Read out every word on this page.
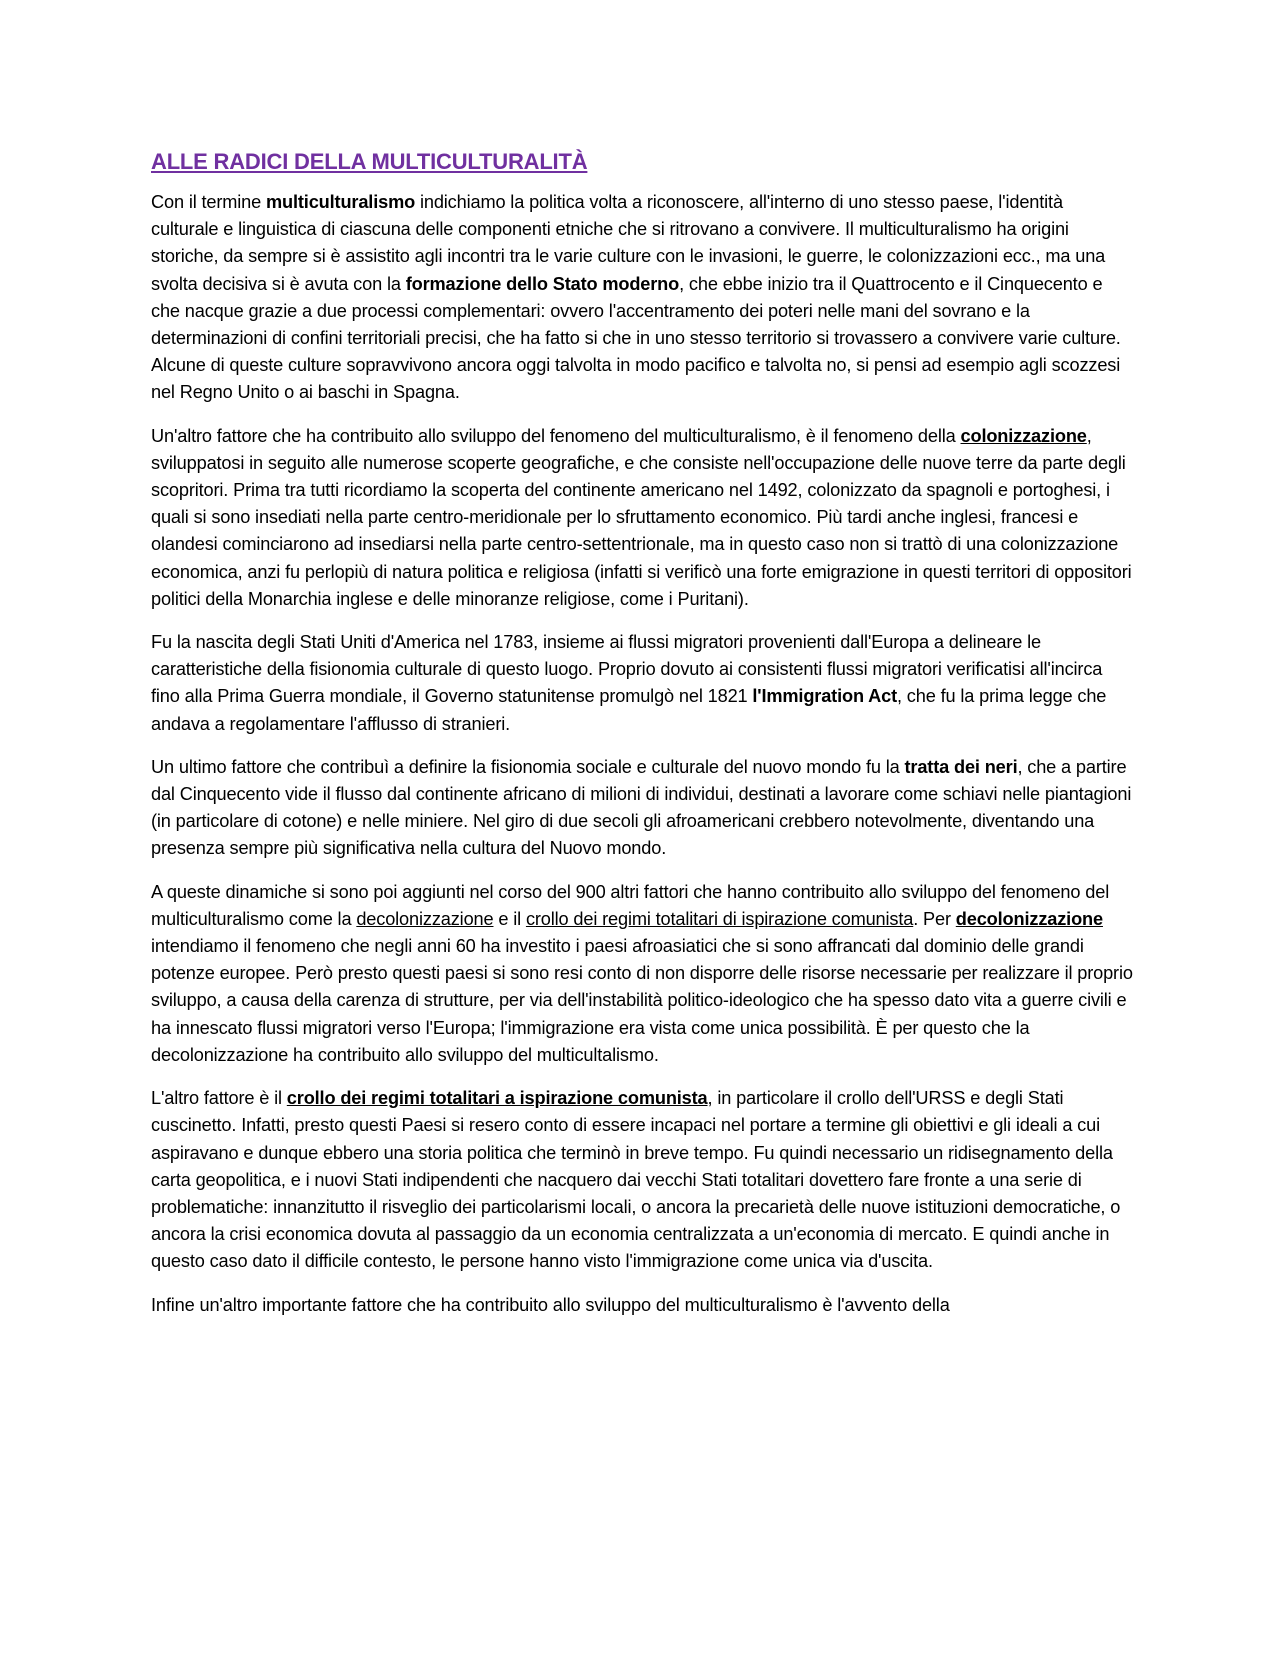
ALLE RADICI DELLA MULTICULTURALITÀ

Con il termine multiculturalismo indichiamo la politica volta a riconoscere, all'interno di uno stesso paese, l'identità culturale e linguistica di ciascuna delle componenti etniche che si ritrovano a convivere. Il multiculturalismo ha origini storiche, da sempre si è assistito agli incontri tra le varie culture con le invasioni, le guerre, le colonizzazioni ecc., ma una svolta decisiva si è avuta con la formazione dello Stato moderno, che ebbe inizio tra il Quattrocento e il Cinquecento e che nacque grazie a due processi complementari: ovvero l'accentramento dei poteri nelle mani del sovrano e la determinazioni di confini territoriali precisi, che ha fatto si che in uno stesso territorio si trovassero a convivere varie culture. Alcune di queste culture sopravvivono ancora oggi talvolta in modo pacifico e talvolta no, si pensi ad esempio agli scozzesi nel Regno Unito o ai baschi in Spagna.

Un'altro fattore che ha contribuito allo sviluppo del fenomeno del multiculturalismo, è il fenomeno della colonizzazione, sviluppatosi in seguito alle numerose scoperte geografiche, e che consiste nell'occupazione delle nuove terre da parte degli scopritori. Prima tra tutti ricordiamo la scoperta del continente americano nel 1492, colonizzato da spagnoli e portoghesi, i quali si sono insediati nella parte centro-meridionale per lo sfruttamento economico. Più tardi anche inglesi, francesi e olandesi cominciarono ad insediarsi nella parte centro-settentrionale, ma in questo caso non si trattò di una colonizzazione economica, anzi fu perlopiù di natura politica e religiosa (infatti si verificò una forte emigrazione in questi territori di oppositori politici della Monarchia inglese e delle minoranze religiose, come i Puritani).

Fu la nascita degli Stati Uniti d'America nel 1783, insieme ai flussi migratori provenienti dall'Europa a delineare le caratteristiche della fisionomia culturale di questo luogo. Proprio dovuto ai consistenti flussi migratori verificatisi all'incirca fino alla Prima Guerra mondiale, il Governo statunitense promulgò nel 1821 l'Immigration Act, che fu la prima legge che andava a regolamentare l'afflusso di stranieri.

Un ultimo fattore che contribuì a definire la fisionomia sociale e culturale del nuovo mondo fu la tratta dei neri, che a partire dal Cinquecento vide il flusso dal continente africano di milioni di individui, destinati a lavorare come schiavi nelle piantagioni (in particolare di cotone) e nelle miniere. Nel giro di due secoli gli afroamericani crebbero notevolmente, diventando una presenza sempre più significativa nella cultura del Nuovo mondo.

A queste dinamiche si sono poi aggiunti nel corso del 900 altri fattori che hanno contribuito allo sviluppo del fenomeno del multiculturalismo come la decolonizzazione e il crollo dei regimi totalitari di ispirazione comunista. Per decolonizzazione intendiamo il fenomeno che negli anni 60 ha investito i paesi afroasiatici che si sono affrancati dal dominio delle grandi potenze europee. Però presto questi paesi si sono resi conto di non disporre delle risorse necessarie per realizzare il proprio sviluppo, a causa della carenza di strutture, per via dell'instabilità politico-ideologico che ha spesso dato vita a guerre civili e ha innescato flussi migratori verso l'Europa; l'immigrazione era vista come unica possibilità. È per questo che la decolonizzazione ha contribuito allo sviluppo del multicultalismo.

L'altro fattore è il crollo dei regimi totalitari a ispirazione comunista, in particolare il crollo dell'URSS e degli Stati cuscinetto. Infatti, presto questi Paesi si resero conto di essere incapaci nel portare a termine gli obiettivi e gli ideali a cui aspiravano e dunque ebbero una storia politica che terminò in breve tempo. Fu quindi necessario un ridisegnamento della carta geopolitica, e i nuovi Stati indipendenti che nacquero dai vecchi Stati totalitari dovettero fare fronte a una serie di problematiche: innanzitutto il risveglio dei particolarismi locali, o ancora la precarietà delle nuove istituzioni democratiche, o ancora la crisi economica dovuta al passaggio da un economia centralizzata a un'economia di mercato. E quindi anche in questo caso dato il difficile contesto, le persone hanno visto l'immigrazione come unica via d'uscita.

Infine un'altro importante fattore che ha contribuito allo sviluppo del multiculturalismo è l'avvento della
